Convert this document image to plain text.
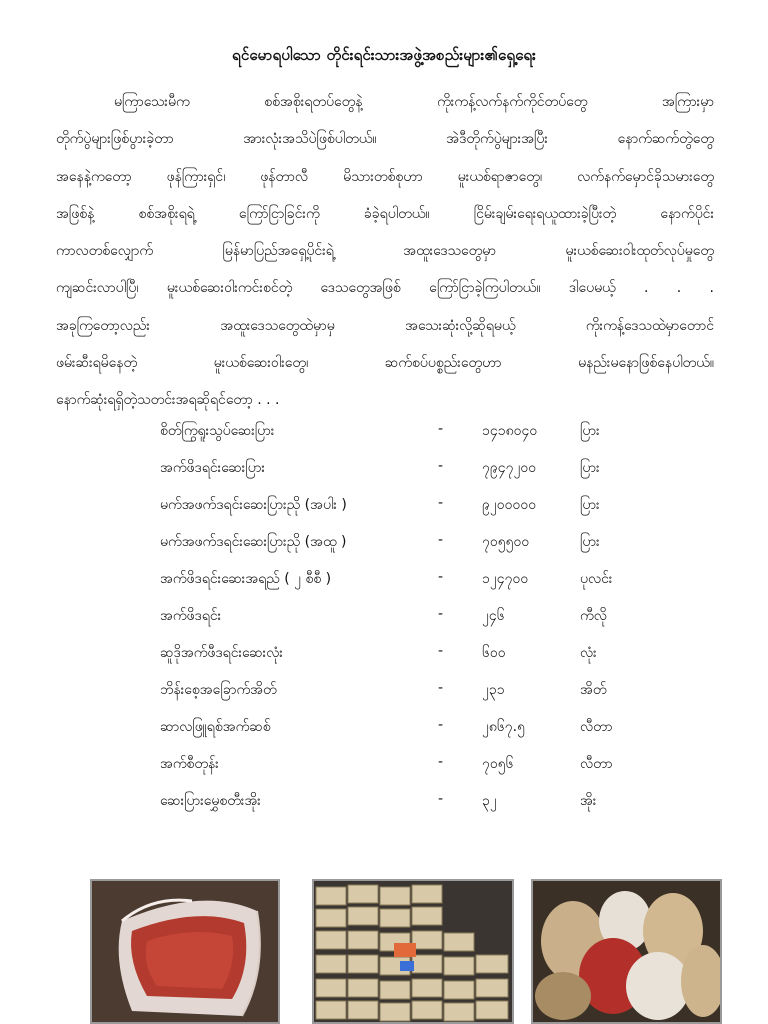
ရင်မောရပါသော တိုင်းရင်းသားအဖွဲ့အစည်းများ၏ရှေ့ရေး
မကြာသေးမီက စစ်အစိုးရတပ်တွေနဲ့ ကိုးကန့်လက်နက်ကိုင်တပ်တွေ အကြားမှာ
တိုက်ပွဲများဖြစ်ပွားခဲ့တာ အားလုံးအသိပဲဖြစ်ပါတယ်။ အဲဒီတိုက်ပွဲများအပြီး နောက်ဆက်တွဲတွေ
အနေနဲ့ကတော့ ဖုန်ကြားရှင်၊ ဖုန်တာလီ မိသားတစ်စုဟာ မူးယစ်ရာဇာတွေ၊ လက်နက်မှောင်ခိုသမားတွေ
အဖြစ်နဲ့ စစ်အစိုးရရဲ့ ကြော်ငြာခြင်းကို ခံခဲ့ရပါတယ်။ ငြိမ်းချမ်းရေးရယူထားခဲ့ပြီးတဲ့ နောက်ပိုင်း
ကာလတစ်လျှောက် မြန်မာပြည်အရှေ့ပိုင်းရဲ့ အထူးဒေသတွေမှာ မူးယစ်ဆေးဝါးထုတ်လုပ်မှုတွေ
ကျဆင်းလာပါပြီ၊ မူးယစ်ဆေးဝါးကင်းစင်တဲ့ ဒေသတွေအဖြစ် ကြော်ငြာခဲ့ကြပါတယ်။ ဒါပေမယ့် . . .
အခုကြတော့လည်း အထူးဒေသတွေထဲမှာမှ အသေးဆုံးလို့ဆိုရမယ့် ကိုးကန့်ဒေသထဲမှာတောင်
ဖမ်းဆီးရမိနေတဲ့ မူးယစ်ဆေးဝါးတွေ၊ ဆက်စပ်ပစ္စည်းတွေဟာ မနည်းမနောဖြစ်နေပါတယ်။
နောက်ဆုံးရရှိတဲ့သတင်းအရဆိုရင်တော့ . . .
စိတ်ကြွရူးသွပ်ဆေးပြား	-	၁၄၁၈၀၄၀	ပြား
အက်ဖိဒရင်းဆေးပြား	-	၇၉၄၇၂၀၀	ပြား
မက်အဖက်ဒရင်းဆေးပြားညို (အပါး )	-	၉၂၀၀၀၀၀	ပြား
မက်အဖက်ဒရင်းဆေးပြားညို (အထူ )	-	၇၀၅၅၀၀	ပြား
အက်ဖိဒရင်းဆေးအရည် ( ၂ စီစီ )	-	၁၂၄၇၀၀	ပုလင်း
အက်ဖိဒရင်း	-	၂၄၆	ကီလို
ဆူဒိုအက်ဖီဒရင်းဆေးလုံး	-	၆၀၀	လုံး
ဘိန်းစေ့အခြောက်အိတ်	-	၂၃၁	အိတ်
ဆာလဖြူရစ်အက်ဆစ်	-	၂၈၆၇.၅	လီတာ
အက်စီတုန်း	-	၇၀၅၆	လီတာ
ဆေးပြားမွှေစတီးအိုး	-	၃၂	အိုး
